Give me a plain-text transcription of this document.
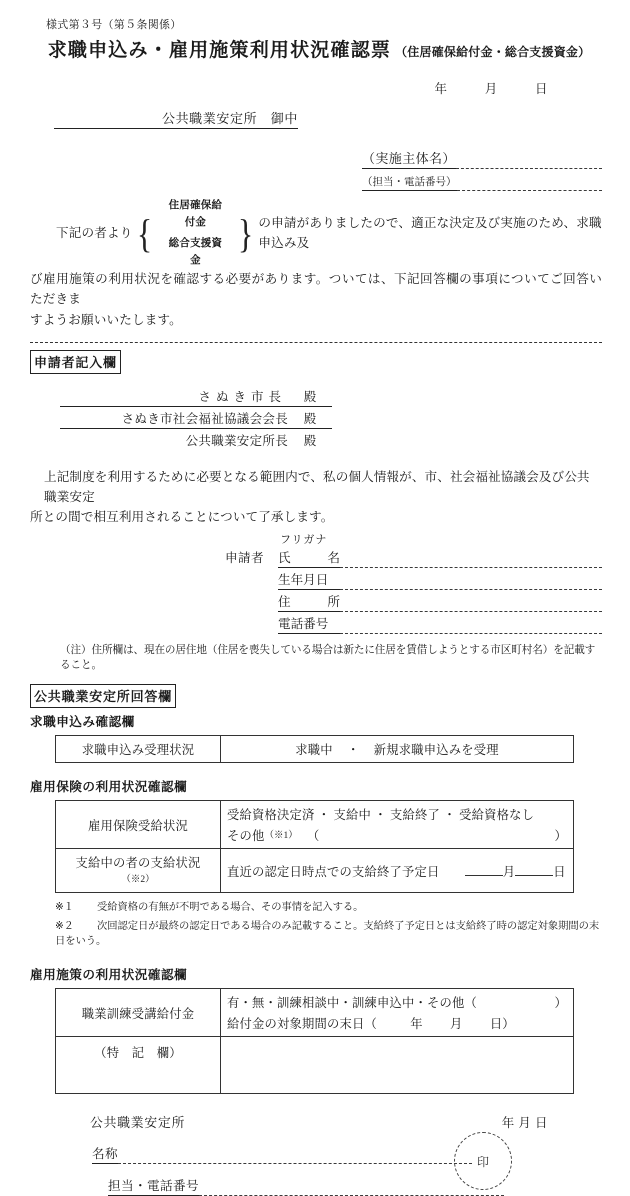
様式第３号（第５条関係）
求職申込み・雇用施策利用状況確認票 （住居確保給付金・総合支援資金）
年	月	日
公共職業安定所　御中
（実施主体名）
（担当・電話番号）
下記の者より {
住居確保給付金
総合支援資金
} の申請がありましたので、適正な決定及び実施のため、求職申込み及
び雇用施策の利用状況を確認する必要があります。ついては、下記回答欄の事項についてご回答いただきま
すようお願いいたします。
申請者記入欄
さぬき市長	殿
さぬき市社会福祉協議会会長	殿
公共職業安定所長	殿
上記制度を利用するために必要となる範囲内で、私の個人情報が、市、社会福祉協議会及び公共職業安定
所との間で相互利用されることについて了承します。
申請者
フリガナ
氏	名
生年月日
住	所
電話番号
（注）住所欄は、現在の居住地（住居を喪失している場合は新たに住居を賃借しようとする市区町村名）を記載すること。
公共職業安定所回答欄
求職申込み確認欄
求職申込み受理状況	求職中 ・ 新規求職申込みを受理
雇用保険の利用状況確認欄
雇用保険受給状況	受給資格決定済 ・ 支給中 ・ 支給終了 ・ 受給資格なし
その他$^{(※1)}$ （ ）

支給中の者の支給状況$^{(※2)}$	直近の認定日時点での支給終了予定日 月 日
※１ 受給資格の有無が不明である場合、その事情を記入する。
※２ 次回認定日が最終の認定日である場合のみ記載すること。支給終了予定日とは支給終了時の認定対象期間の末日をいう。
雇用施策の利用状況確認欄
職業訓練受講給付金	有・無・訓練相談中・訓練申込中・その他（ ）
給付金の対象期間の末日（ 年 月 日）

（特　記　欄）	
公共職業安定所	年 月 日
名称
担当・電話番号
印
